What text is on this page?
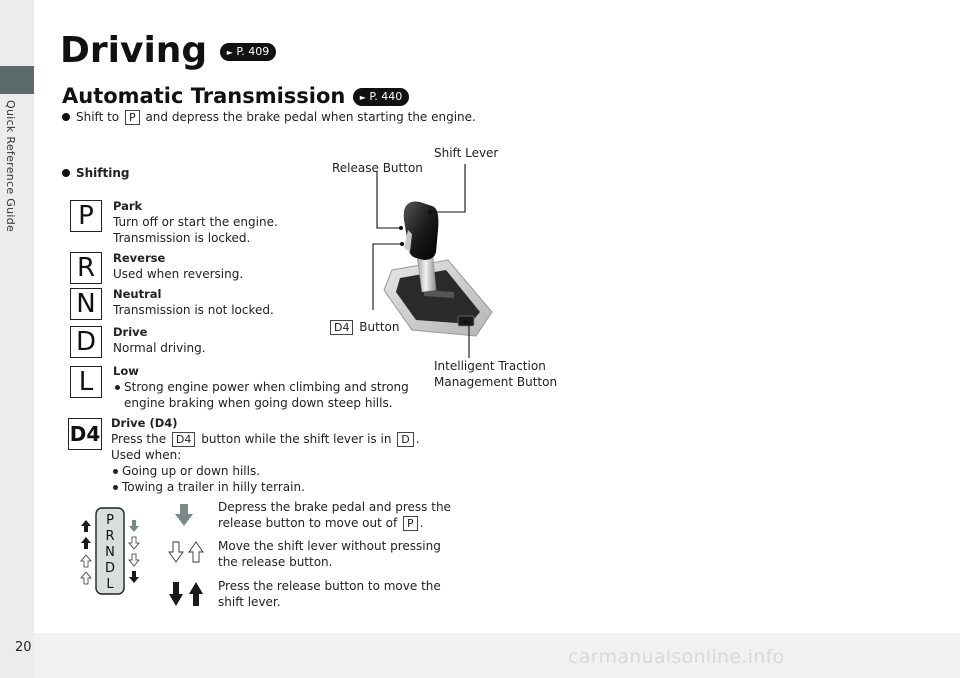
Quick Reference Guide
20	carmanualsonline.info
Driving ► P. 409
Automatic Transmission ► P. 440
Shift to P and depress the brake pedal when starting the engine.
Shifting
P
R
N
D
L
D4
Park
Turn off or start the engine.
Transmission is locked.
Reverse
Used when reversing.
Neutral
Transmission is not locked.
Drive
Normal driving.
Low
Strong engine power when climbing and strong
engine braking when going down steep hills.
Drive (D4)
Press the D4 button while the shift lever is in D .
Used when:
Going up or down hills.
Towing a trailer in hilly terrain.
Shift Lever
Release Button
D4 Button
Intelligent Traction
Management Button
P
R
N
D
L
Depress the brake pedal and press the
release button to move out of P .
Move the shift lever without pressing
the release button.
Press the release button to move the
shift lever.
